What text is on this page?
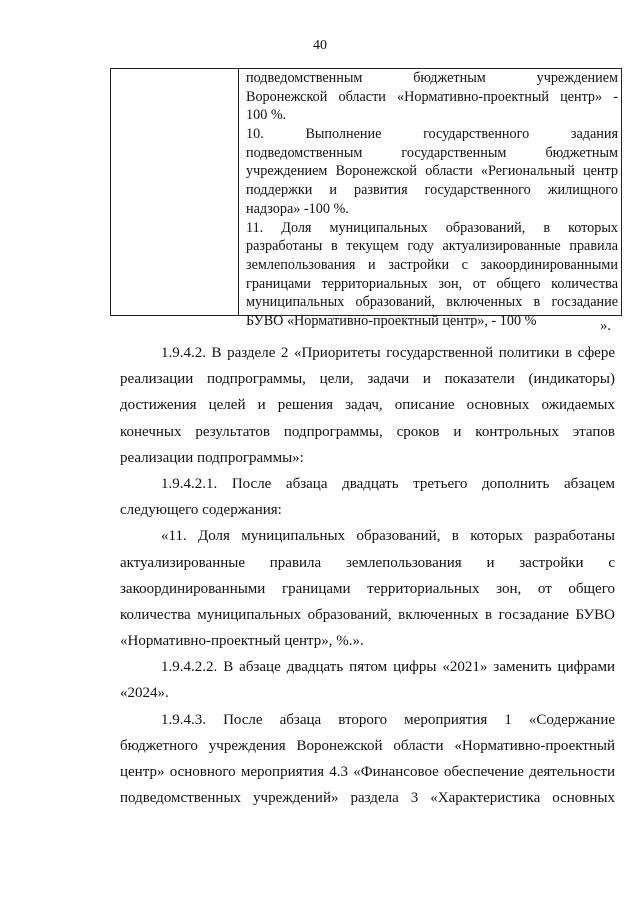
40
подведомственным бюджетным учреждением
Воронежской области «Нормативно-проектный центр» -
100 %.
10. Выполнение государственного задания
подведомственным государственным бюджетным
учреждением Воронежской области «Региональный центр
поддержки и развития государственного жилищного
надзора» -100 %.
11. Доля муниципальных образований, в которых
разработаны в текущем году актуализированные правила
землепользования и застройки с закоординированными
границами территориальных зон, от общего количества
муниципальных образований, включенных в госзадание
БУВО «Нормативно-проектный центр», - 100 %	».
1.9.4.2. В разделе 2 «Приоритеты государственной политики в сфере
реализации подпрограммы, цели, задачи и показатели (индикаторы)
достижения целей и решения задач, описание основных ожидаемых
конечных результатов подпрограммы, сроков и контрольных этапов
реализации подпрограммы»:
1.9.4.2.1. После абзаца двадцать третьего дополнить абзацем
следующего содержания:
«11. Доля муниципальных образований, в которых разработаны
актуализированные правила землепользования и застройки с
закоординированными границами территориальных зон, от общего
количества муниципальных образований, включенных в госзадание БУВО
«Нормативно-проектный центр», %.».
1.9.4.2.2. В абзаце двадцать пятом цифры «2021» заменить цифрами
«2024».
1.9.4.3. После абзаца второго мероприятия 1 «Содержание
бюджетного учреждения Воронежской области «Нормативно-проектный
центр» основного мероприятия 4.3 «Финансовое обеспечение деятельности
подведомственных учреждений» раздела 3 «Характеристика основных
